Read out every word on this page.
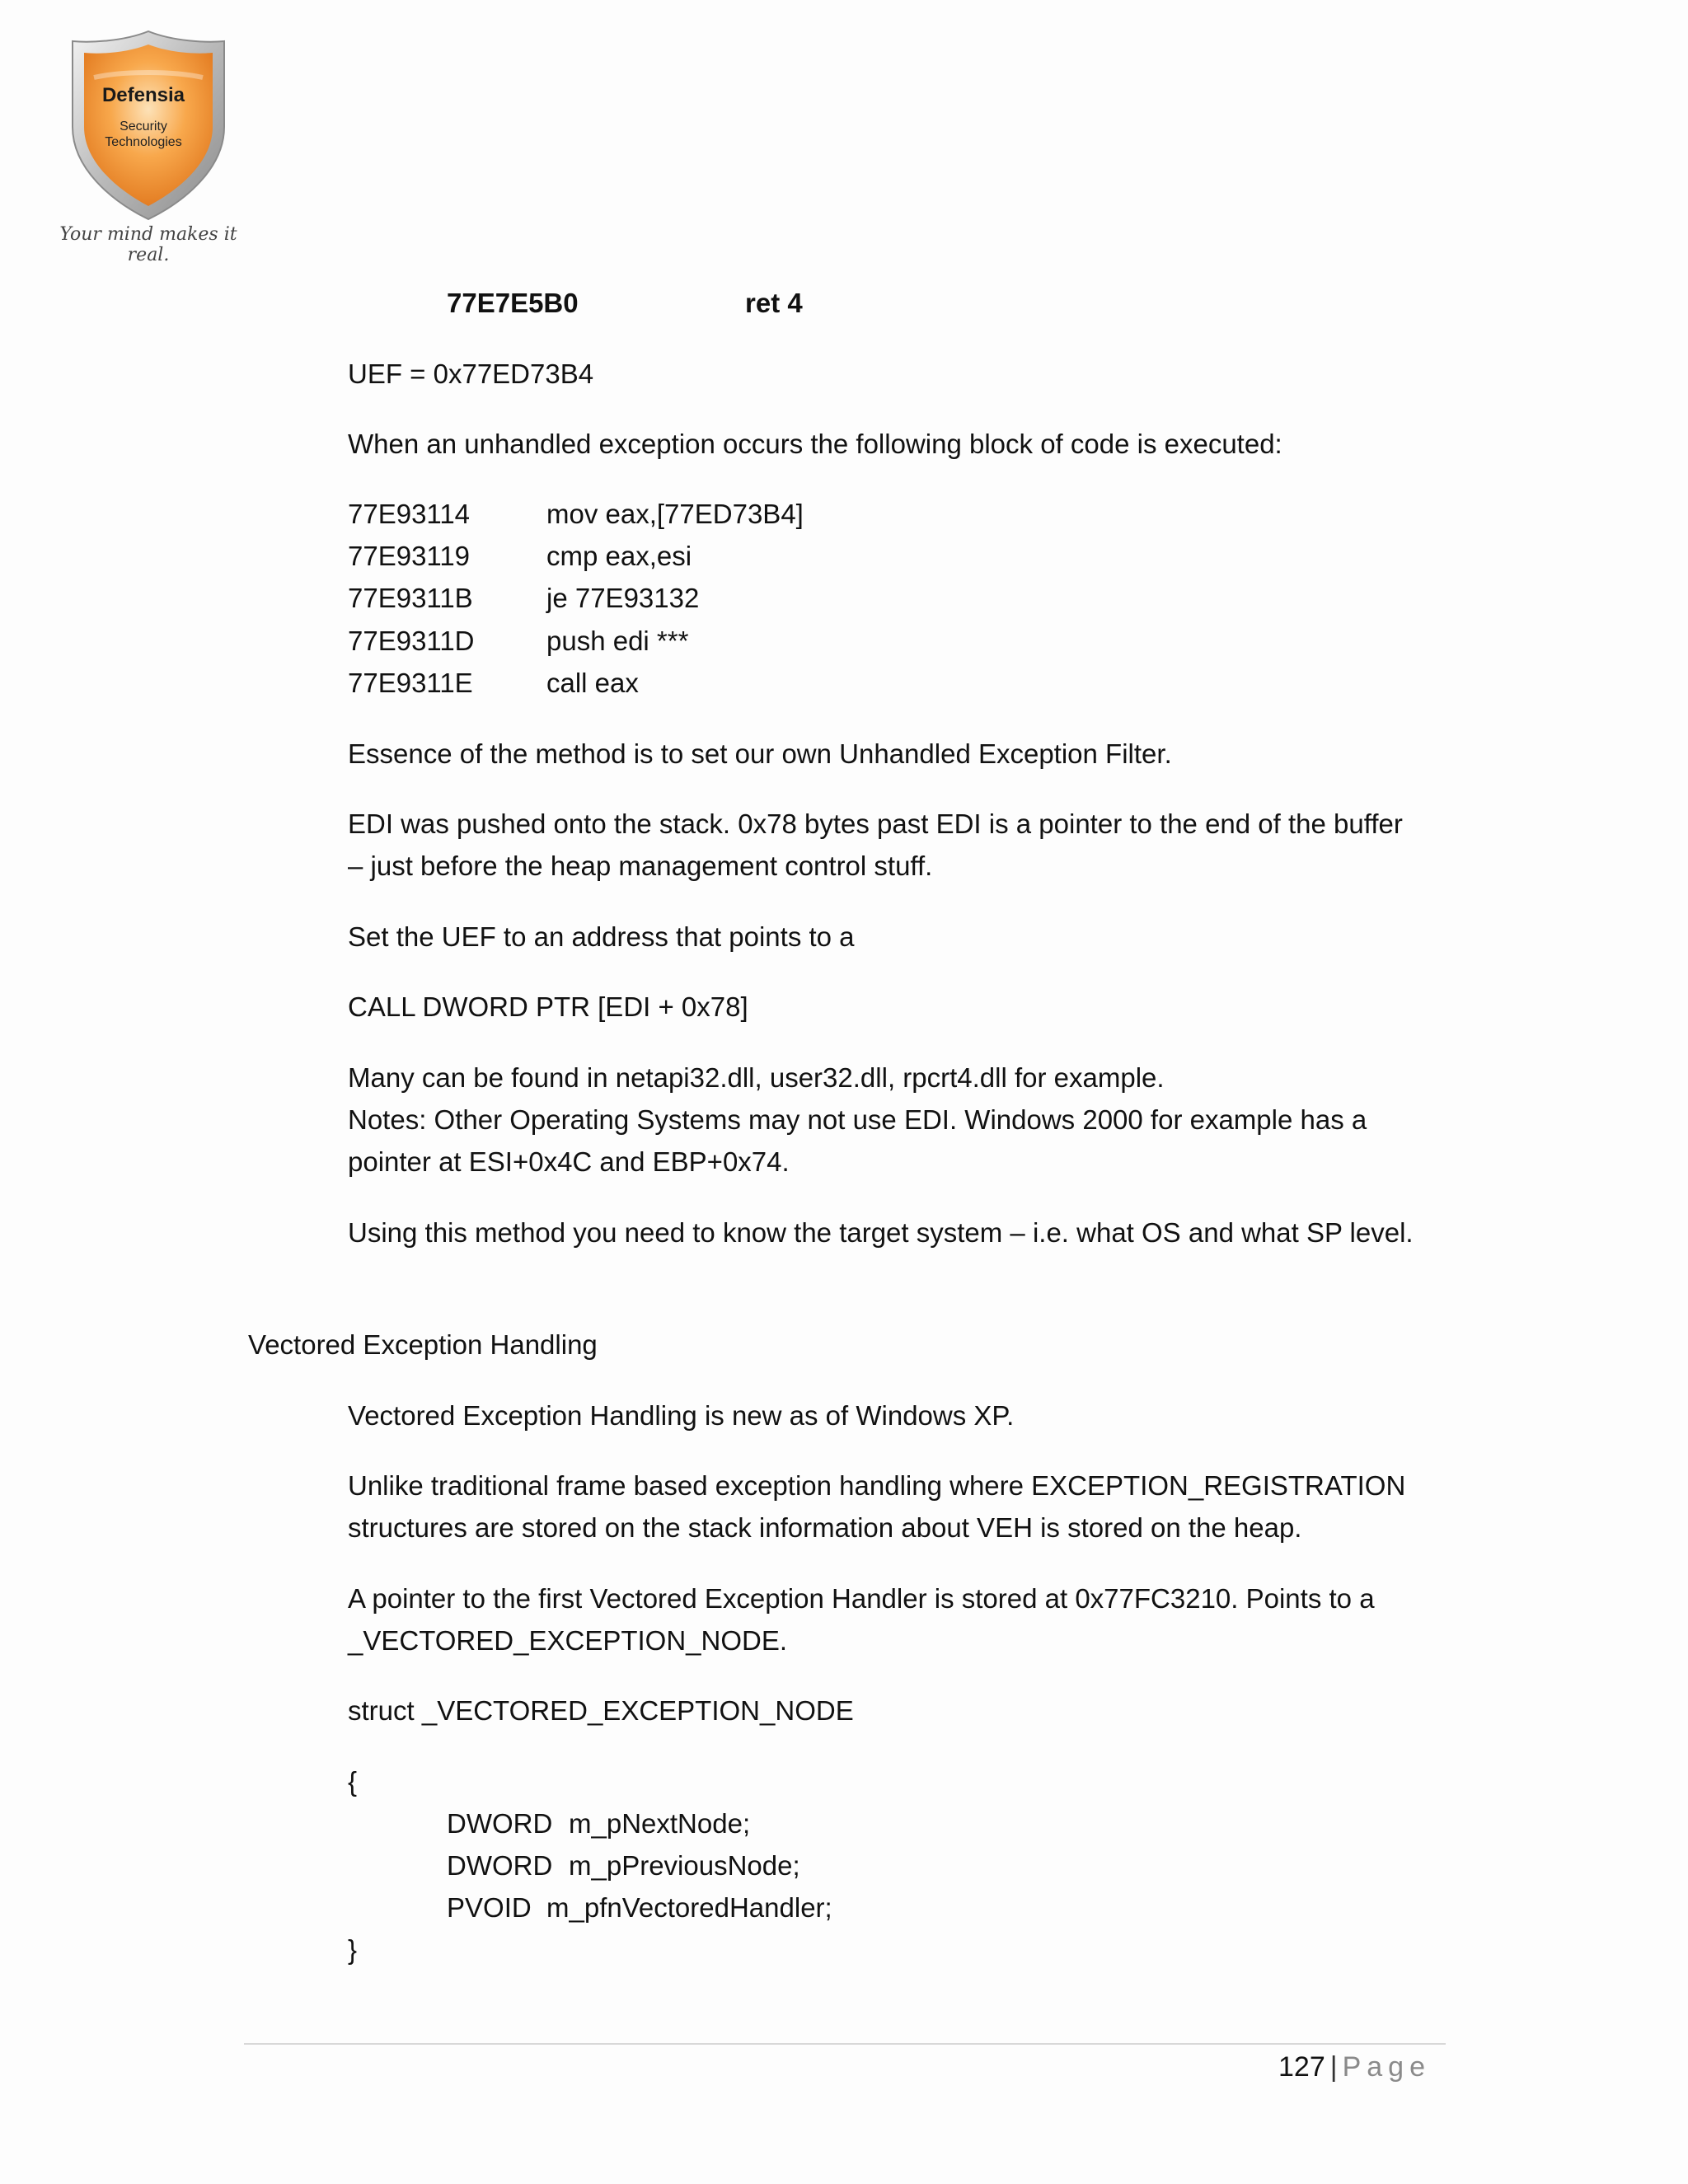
Defensia
Security
Technologies
Your mind makes it real.
77E7E5B0	ret 4
UEF = 0x77ED73B4
When an unhandled exception occurs the following block of code is executed:
77E93114	mov eax,[77ED73B4]
77E93119	cmp eax,esi
77E9311B	je 77E93132
77E9311D	push edi ***
77E9311E	call eax
Essence of the method is to set our own Unhandled Exception Filter.
EDI was pushed onto the stack. 0x78 bytes past EDI is a pointer to the end of the buffer
– just before the heap management control stuff.
Set the UEF to an address that points to a
CALL DWORD PTR [EDI + 0x78]
Many can be found in netapi32.dll, user32.dll, rpcrt4.dll for example.
Notes: Other Operating Systems may not use EDI. Windows 2000 for example has a
pointer at ESI+0x4C and EBP+0x74.
Using this method you need to know the target system – i.e. what OS and what SP level.
Vectored Exception Handling
Vectored Exception Handling is new as of Windows XP.
Unlike traditional frame based exception handling where EXCEPTION_REGISTRATION
structures are stored on the stack information about VEH is stored on the heap.
A pointer to the first Vectored Exception Handler is stored at 0x77FC3210. Points to a
_VECTORED_EXCEPTION_NODE.
struct _VECTORED_EXCEPTION_NODE
{
DWORD m_pNextNode;
DWORD m_pPreviousNode;
PVOID m_pfnVectoredHandler;
}
127 | Page
